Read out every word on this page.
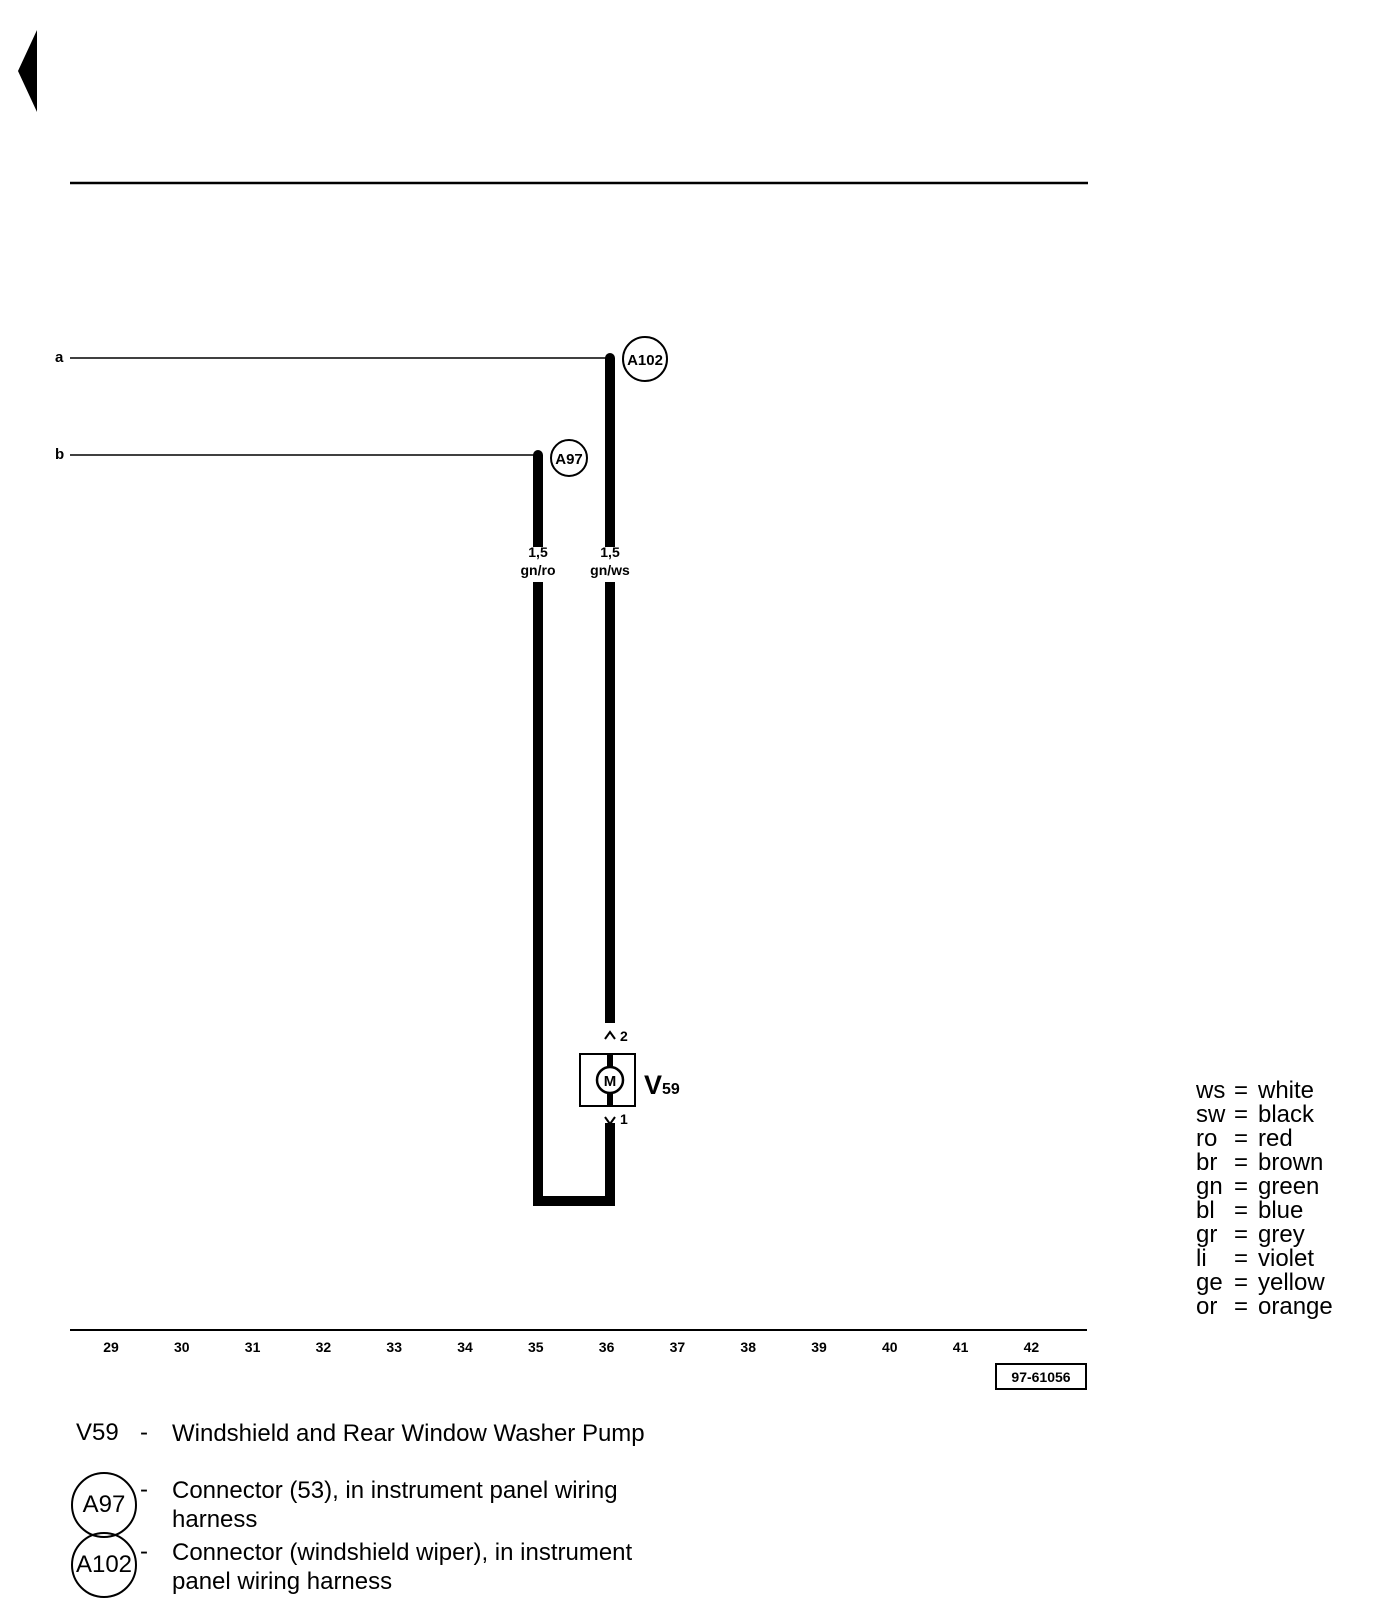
a	A102
b	A97
1,5
gn/ro
1,5
gn/ws
2
1
M V59
29	30	31	32	33	34	35	36	37	38	39	40	41	42
97-61056
V59 - Windshield and Rear Window Washer Pump
A97
- Connector (53), in instrument panel wiring harness
A102 - Connector (windshield wiper), in instrument panel wiring harness
ws = white
sw = black
ro = red
br = brown
gn = green
bl = blue
gr = grey
li	= violet
ge = yellow
or = orange
